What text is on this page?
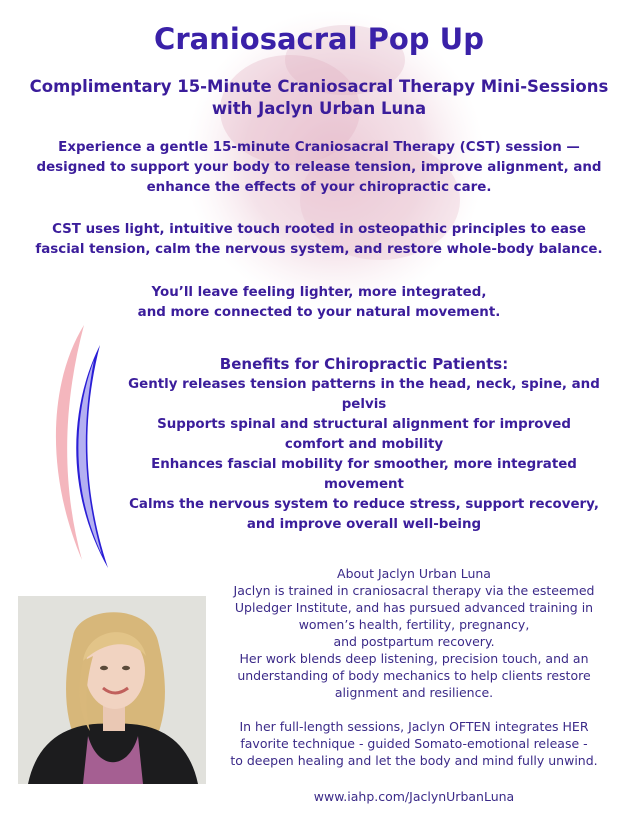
Craniosacral Pop Up
Complimentary 15-Minute Craniosacral Therapy Mini-Sessions
with Jaclyn Urban Luna
Experience a gentle 15-minute Craniosacral Therapy (CST) session —
designed to support your body to release tension, improve alignment, and
enhance the effects of your chiropractic care.
CST uses light, intuitive touch rooted in osteopathic principles to ease
fascial tension, calm the nervous system, and restore whole-body balance.
You’ll leave feeling lighter, more integrated,
and more connected to your natural movement.
Benefits for Chiropractic Patients:
Gently releases tension patterns in the head, neck, spine, and
pelvis
Supports spinal and structural alignment for improved
comfort and mobility
Enhances fascial mobility for smoother, more integrated
movement
Calms the nervous system to reduce stress, support recovery,
and improve overall well-being
About Jaclyn Urban Luna
Jaclyn is trained in craniosacral therapy via the esteemed
Upledger Institute, and has pursued advanced training in
women’s health, fertility, pregnancy,
and postpartum recovery.
Her work blends deep listening, precision touch, and an
understanding of body mechanics to help clients restore
alignment and resilience.

In her full-length sessions, Jaclyn OFTEN integrates HER
favorite technique - guided Somato-emotional release -
to deepen healing and let the body and mind fully unwind.
www.iahp.com/JaclynUrbanLuna
